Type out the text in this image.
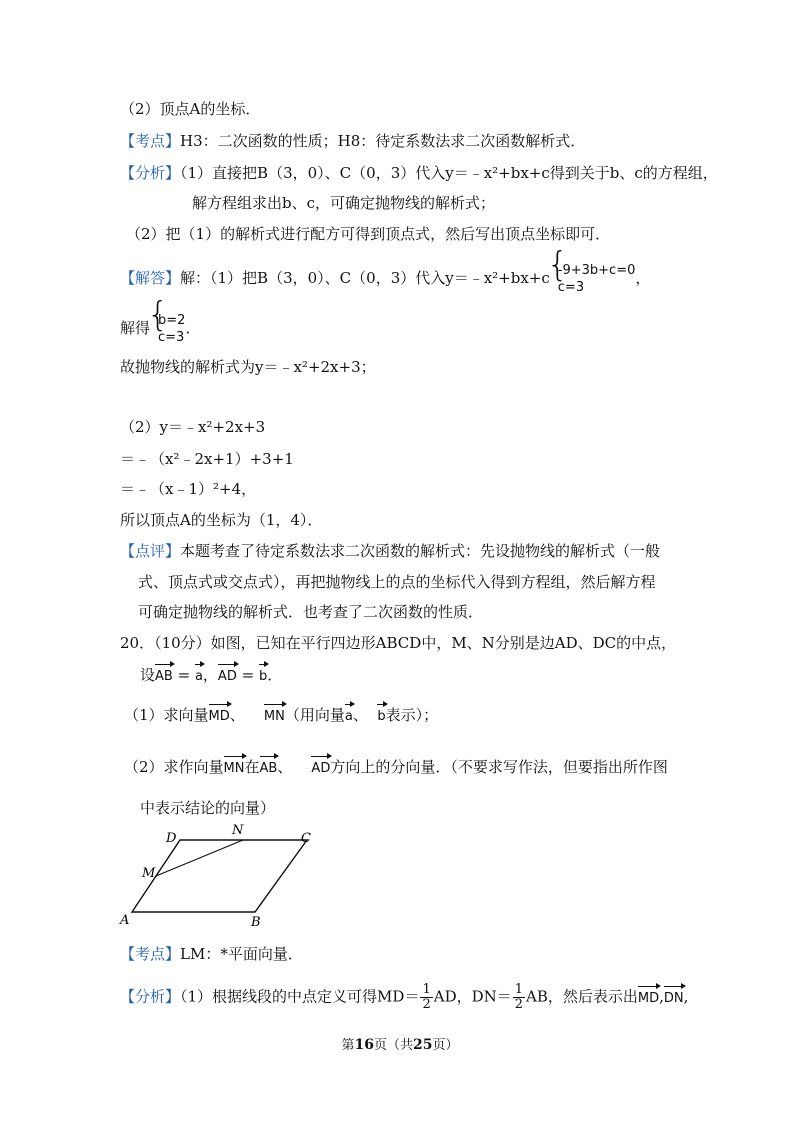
（2）顶点A的坐标．
【考点】H3：二次函数的性质；H8：待定系数法求二次函数解析式．
【分析】（1）直接把B（3，0）、C（0，3）代入y＝﹣x²+bx+c得到关于b、c的方程组，
解方程组求出b、c，可确定抛物线的解析式；
（2）把（1）的解析式进行配方可得到顶点式，然后写出顶点坐标即可．
【解答】解：（1）把B（3，0）、C（0，3）代入y＝﹣x²+bx+c { -9+3b+c=0
c=3
，
解得 { b=2
c=3
．
故抛物线的解析式为y＝﹣x²+2x+3；
（2）y＝﹣x²+2x+3
＝﹣（x²﹣2x+1）+3+1
＝﹣（x﹣1）²+4，
所以顶点A的坐标为（1，4）．
【点评】本题考查了待定系数法求二次函数的解析式：先设抛物线的解析式（一般
式、顶点式或交点式），再把抛物线上的点的坐标代入得到方程组，然后解方程
可确定抛物线的解析式．也考查了二次函数的性质．
20．（10分）如图，已知在平行四边形ABCD中，M、N分别是边AD、DC的中点，
设AB = a，AD = b．
（1）求向量MD、 MN（用向量a、 b表示）；
（2）求作向量MN在AB、 AD方向上的分向量．（不要求写作法，但要指出所作图
中表示结论的向量）
A	B
C
D
M
N
【考点】LM：*平面向量．
【分析】（1）根据线段的中点定义可得$MD= \frac{1}{2}$ AD，$DN= \frac{1}{2}$ AB，然后表示出MD,DN,
第16页（共25页）
